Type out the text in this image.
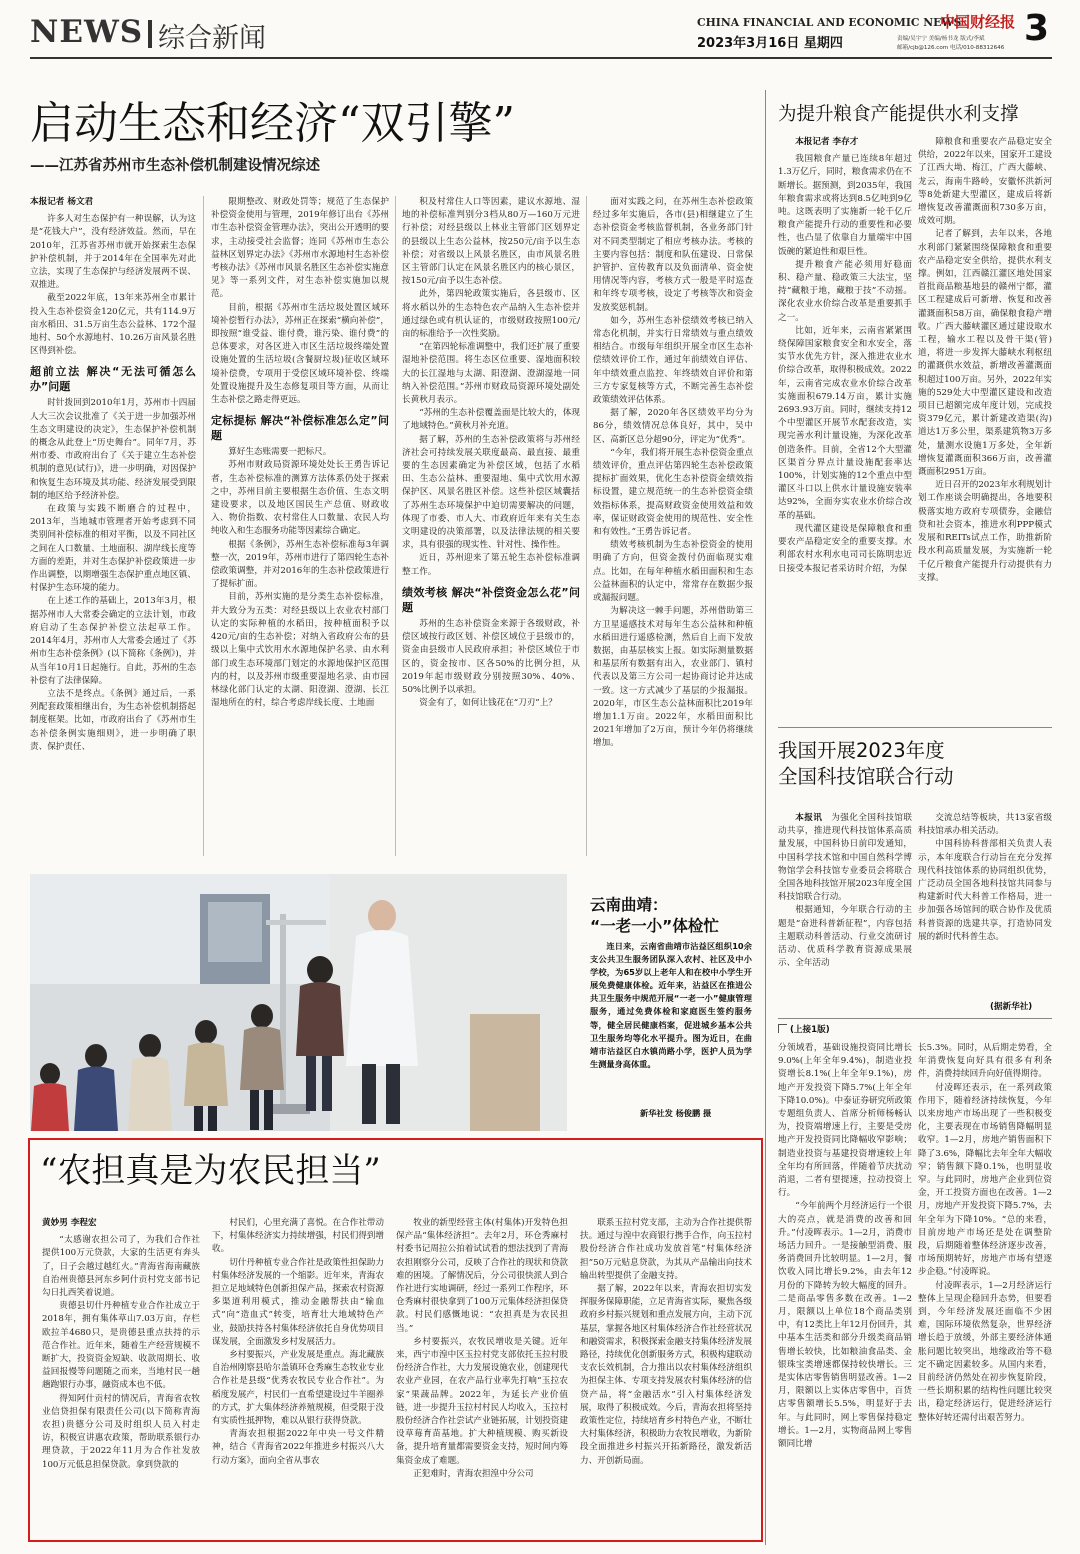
NEWS 综合新闻
CHINA FINANCIAL AND ECONOMIC NEWS
中国财经报
2023年3月16日 星期四	责编/吴宇宁 美编/杨书龙 版式/李斌
邮箱/cjb@126.com 电话/010-88312646 3
启动生态和经济“双引擎”
——江苏省苏州市生态补偿机制建设情况综述
本报记者 杨文君

许多人对生态保护有一种误解，认为这是“花钱大户”，没有经济效益。然而，早在2010年，江苏省苏州市就开始探索生态保护补偿机制，并于2014年在全国率先对此立法，实现了生态保护与经济发展两不误、双推进。

截至2022年底，13年来苏州全市累计投入生态补偿资金120亿元，共有114.9万亩水稻田、31.5万亩生态公益林、172个湿地村、50个水源地村、10.26万亩风景名胜区得到补偿。

超前立法 解决“无法可循怎么办”问题

时针拨回到2010年1月，苏州市十四届人大三次会议批准了《关于进一步加强苏州生态文明建设的决定》，生态保护补偿机制的概念从此登上“历史舞台”。同年7月，苏州市委、市政府出台了《关于建立生态补偿机制的意见(试行)》，进一步明确，对因保护和恢复生态环境及其功能、经济发展受到限制的地区给予经济补偿。

在政策与实践不断磨合的过程中，2013年，当地城市管理者开始考虑到不同类别间补偿标准的相对平衡，以及不同社区之间在人口数量、土地面积、湖岸线长度等方面的差距，并对生态保护补偿政策进一步作出调整，以期增强生态保护重点地区镇、村保护生态环境的能力。

在上述工作的基础上，2013年3月，根据苏州市人大常委会确定的立法计划，市政府启动了生态保护补偿立法起草工作。2014年4月，苏州市人大常委会通过了《苏州市生态补偿条例》(以下简称《条例》)，并从当年10月1日起施行。自此，苏州的生态补偿有了法律保障。

立法不是终点。《条例》通过后，一系列配套政策相继出台，为生态补偿机制搭起制度框架。比如，市政府出台了《苏州市生态补偿条例实施细则》，进一步明确了职责、保护责任、

限期整改、财政处罚等；规范了生态保护补偿资金使用与管理，2019年修订出台《苏州市生态补偿资金管理办法》，突出公开透明的要求，主动接受社会监督；连同《苏州市生态公益林区划界定办法》《苏州市水源地村生态补偿考核办法》《苏州市风景名胜区生态补偿实施意见》等一系列文件，对生态补偿实施加以规范。

目前，根据《苏州市生活垃圾处置区域环境补偿暂行办法》，苏州正在探索“横向补偿”，即按照“谁受益、谁付费，谁污染、谁付费”的总体要求，对各区进入市区生活垃圾终端处置设施处置的生活垃圾(含餐厨垃圾)征收区域环境补偿费，专项用于受偿区域环境补偿、终端处置设施提升及生态修复项目等方面，从而让生态补偿之路走得更远。

定标提标 解决“补偿标准怎么定”问题

算好生态账需要一把标尺。

苏州市财政局资源环境处处长王勇告诉记者，生态补偿标准的测算方法体系仍处于探索之中，苏州目前主要根据生态价值、生态文明建设要求，以及地区国民生产总值、财政收入、物价指数、农村常住人口数量、农民人均纯收入和生态服务功能等因素综合确定。

根据《条例》，苏州生态补偿标准每3年调整一次，2019年，苏州市进行了第四轮生态补偿政策调整，并对2016年的生态补偿政策进行了提标扩面。

目前，苏州实施的是分类生态补偿标准，并大致分为五类：对经县级以上农业农村部门认定的实际种植的水稻田，按种植面积予以420元/亩的生态补偿；对纳入省政府公布的县级以上集中式饮用水水源地保护名录、由水利部门或生态环境部门划定的水源地保护区范围内的村，以及苏州市级重要湿地名录、由市园林绿化部门认定的太湖、阳澄湖、澄湖、长江湿地所在的村，综合考虑岸线长度、土地面

积及村常住人口等因素，建议水源地、湿地的补偿标准判别分3档从80万—160万元进行补偿；对经县级以上林业主管部门区划界定的县级以上生态公益林，按250元/亩予以生态补偿；对省级以上风景名胜区，由市风景名胜区主管部门认定在风景名胜区内的核心景区，按150元/亩予以生态补偿。

此外，第四轮政策实施后，各县级市、区将水稻以外的生态特色农产品纳入生态补偿并通过绿色或有机认证的，市级财政按照100元/亩的标准给予一次性奖励。

“在第四轮标准调整中，我们还扩展了重要湿地补偿范围。将生态区位重要、湿地面积较大的长江湿地与太湖、阳澄湖、澄湖湿地一同纳入补偿范围。”苏州市财政局资源环境处副处长黄秋月表示。

“苏州的生态补偿覆盖面是比较大的，体现了地域特色。”黄秋月补充道。

据了解，苏州的生态补偿政策将与苏州经济社会可持续发展关联度最高、最直接、最重要的生态因素确定为补偿区域，包括了水稻田、生态公益林、重要湿地、集中式饮用水源保护区、风景名胜区补偿。这些补偿区域囊括了苏州生态环境保护中迫切需要解决的问题，体现了市委、市人大、市政府近年来有关生态文明建设的决策部署，以及法律法规的相关要求，具有很强的现实性、针对性、操作性。

近日，苏州迎来了第五轮生态补偿标准调整工作。

绩效考核 解决“补偿资金怎么花”问题

苏州的生态补偿资金来源于各级财政，补偿区域按行政区划、补偿区域位于县级市的，资金由县级市人民政府承担；补偿区域位于市区的，资金按市、区各50%的比例分担，从2019年起市级财政分别按照30%、40%、50%比例予以承担。

资金有了，如何让钱花在“刀刃”上？

面对实践之问，在苏州生态补偿政策经过多年实施后，各市(县)相继建立了生态补偿资金考核监督机制，各业务部门针对不同类型制定了相应考核办法。考核的主要内容包括：制度和队伍建设、日常保护管护、宣传教育以及负面清单、资金使用情况等内容，考核方式一般是平时巡查和年终专项考核，设定了考核等次和资金发放奖惩机制。

如今，苏州生态补偿绩效考核已纳入常态化机制，并实行日常绩效与重点绩效相结合。市级每年组织开展全市区生态补偿绩效评价工作，通过年前绩效自评估、年中绩效重点监控、年终绩效自评价和第三方专家复核等方式，不断完善生态补偿政策绩效评估体系。

据了解，2020年各区绩效平均分为86分，绩效情况总体良好，其中，吴中区、高新区总分超90分，评定为“优秀”。

“今年，我们将开展生态补偿资金重点绩效评价，重点评估第四轮生态补偿政策提标扩面效果，优化生态补偿资金绩效指标设置，建立规范统一的生态补偿资金绩效指标体系，提高财政资金使用效益和效率，保证财政资金使用的规范性、安全性和有效性。”王勇告诉记者。

绩效考核机制为生态补偿资金的使用明确了方向，但资金拨付仍面临现实难点。比如，在每年种植水稻田面积和生态公益林面积的认定中，常常存在数据少报或漏报问题。

为解决这一棘手问题，苏州借助第三方卫星遥感技术对每年生态公益林和种植水稻田进行遥感检测，然后自上而下发放数据，由基层核实上报。如实际测量数据和基层所有数据有出入，农业部门、镇村代表以及第三方公司一起协商讨论并达成一致。这一方式减少了基层的少报漏报。2020年，市区生态公益林面积比2019年增加1.1万亩。2022年，水稻田面积比2021年增加了2万亩，预计今年仍将继续增加。

为提升粮食产能提供水利支撑
本报记者 李存才

我国粮食产量已连续8年超过1.3万亿斤，同时，粮食需求仍在不断增长。据预测，到2035年，我国年粮食需求或将达到8.5亿吨到9亿吨。这既表明了实施新一轮千亿斤粮食产能提升行动的重要性和必要性，也凸显了依靠自力量端牢中国饭碗的紧迫性和艰巨性。

提升粮食产能必须用好稳面积、稳产量、稳政策三大法宝，坚持“藏粮于地，藏粮于技”不动摇。深化农业水价综合改革是重要抓手之一。

比如，近年来，云南省紧紧围绕保障国家粮食安全和水安全，落实节水优先方针，深入推进农业水价综合改革，取得积极成效。2022年，云南省完成农业水价综合改革实施面积679.14万亩，累计实施2693.93万亩。同时，继续支持12个中型灌区开展节水配套改造，实现完善水利计量设施，为深化改革创造条件。目前，全省12个大型灌区渠首分界点计量设施配套率达100%，计划实施的12个重点中型灌区斗口以上供水计量设施安装率达92%，全面夯实农业水价综合改革的基础。

现代灌区建设是保障粮食和重要农产品稳定安全的重要支撑。水利部农村水利水电司司长陈明忠近日接受本报记者采访时介绍，为保

障粮食和重要农产品稳定安全供给，2022年以来，国家开工建设了江西大坳、梅江，广西大藤峡、龙云，海南牛路岭，安徽怀洪新河等8处新建大型灌区，建成后将新增恢复改善灌溉面积730多万亩，成效可期。

记者了解到，去年以来，各地水利部门紧紧围绕保障粮食和重要农产品稳定安全供给，提供水利支撑。例如，江西赣江灌区地处国家首批商品粮基地县的赣州宁都，灌区工程建成后可新增、恢复和改善灌溉面积58万亩，确保粮食稳产增收。广西大藤峡灌区通过建设取水工程，输水工程以及骨干渠(管)道，将进一步发挥大藤峡水利枢纽的灌溉供水效益，新增改善灌溉面积超过100万亩。另外，2022年实施的529处大中型灌区建设和改造项目已超额完成年度计划，完成投资379亿元，累计新建改造渠(沟)道达1万多公里，渠系建筑物3万多处，量测水设施1万多处，全年新增恢复灌溉面积366万亩，改善灌溉面积2951万亩。

近日召开的2023年水利规划计划工作座谈会明确提出，各地要积极落实地方政府专项债券，金融信贷和社会资本，推进水利PPP模式发展和REITs试点工作，助推新阶段水利高质量发展，为实施新一轮千亿斤粮食产能提升行动提供有力支撑。

我国开展2023年度
全国科技馆联合行动

本报讯  为强化全国科技馆联动共享，推进现代科技馆体系高质量发展，中国科协日前印发通知，中国科学技术馆和中国自然科学博物馆学会科技馆专业委员会将联合全国各地科技馆开展2023年度全国科技馆联合行动。

根据通知，今年联合行动的主题是“奋进科普新征程”，内容包括主题联动科普活动、行业交流研讨活动、优质科学教育资源成果展示、全年活动

交流总结等板块，共13家省级科技馆承办相关活动。

中国科协科普部相关负责人表示，本年度联合行动旨在充分发挥现代科技馆体系的协同组织优势，广泛动员全国各地科技馆共同参与构建新时代大科普工作格局，进一步加强各场馆间的联合协作及优质科普资源的选建共享，打造协同发展的新时代科普生态。

(据新华社)
云南曲靖：
“一老一小”体检忙

连日来，云南省曲靖市沾益区组织10余支公共卫生服务团队深入农村、社区及中小学校，为65岁以上老年人和在校中小学生开展免费健康体检。近年来，沾益区在推进公共卫生服务中规范开展“一老一小”健康管理服务，通过免费体检和家庭医生签约服务等，健全居民健康档案，促进城乡基本公共卫生服务均等化水平提升。图为近日，在曲靖市沾益区白水镇尚路小学，医护人员为学生测量身高体重。

新华社发 杨俊鹏 摄
“农担真是为农民担当”
黄妙男 李程宏

“太感谢农担公司了，为我们合作社提供100万元贷款，大家的生活更有奔头了，日子会越过越红火。”青海省海南藏族自治州贵德县河东乡阿什贡村党支部书记勾日扎西笑着说道。

贵德县切什丹种植专业合作社成立于2018年，拥有集体草山7.03万亩，存栏欧拉羊4680只，是贵德县重点扶持的示范合作社。近年来，随着生产经营规模不断扩大，投资资金短缺、收款周期长、收益回报慢等问题随之而来，当地村民一趟趟跑银行办事，融资成本也不低。

得知阿什贡村的情况后，青海省农牧业信贷担保有限责任公司(以下简称青海农担)贵德分公司及时组织人员入村走访，积极宣讲惠农政策，帮助联系银行办理贷款，于2022年11月为合作社发放100万元低息担保贷款。拿到贷款的

村民们，心里充满了喜悦。在合作社带动下，村集体经济实力持续增强，村民们得到增收。

切什丹种植专业合作社是政策性担保助力村集体经济发展的一个缩影。近年来，青海农担立足地域特色创新担保产品，探索农村资源多渠道利用模式，推动金融帮扶由“输血式”向“造血式”转变，培育壮大地域特色产业，鼓励扶持各村集体经济依托自身优势项目谋发展，全面激发乡村发展活力。

乡村要振兴，产业发展是重点。海北藏族自治州刚察县哈尔盖镇环仓秀麻生态牧业专业合作社是县级“优秀农牧民专业合作社”。为稻度发展产，村民们一直希望建设过牛羊圈养的方式，扩大集体经济养殖规模，但受限于没有实质性抵押物，难以从银行获得贷款。

青海农担根据2022年中央一号文件精神，结合《青海省2022年推进乡村振兴八大行动方案》，面向全省从事农

牧业的新型经营主体(村集体)开发特色担保产品“集体经济担”。去年2月，环仓秀麻村村委书记周拉公拍着试试看的想法找到了青海农担刚察分公司，反映了合作社的现状和贷款难的困境。了解情况后，分公司很快派人到合作社进行实地调研，经过一系列工作程序，环仓秀麻村很快拿到了100万元集体经济担保贷款。村民们感慨地说：“农担真是为农民担当。”

乡村要振兴，农牧民增收是关键。近年来，西宁市湟中区玉拉村党支部依托玉拉村股份经济合作社，大力发展设施农业，创建现代农业产业园，在农产品行业率先打响“玉拉农家”果蔬品牌。2022年，为延长产业价值链，进一步提升玉拉村村民人均收入，玉拉村股份经济合作社尝试产业链拓展，计划投资建设草莓育苗基地。扩大种植规模、购买新设备，提升培育量都需要资金支持，短时间内筹集资金成了难题。

正犯难时，青海农担湟中分公司

联系玉拉村党支部，主动为合作社提供帮扶。通过与湟中农商银行携手合作，向玉拉村股份经济合作社成功发放首笔“村集体经济担”50万元贴息贷款，为其从产品输出向技术输出转型提供了金融支持。

据了解，2022年以来，青海农担切实发挥服务保障职能，立足青海省实际，聚焦各级政府乡村振兴规划和重点发展方向，主动下沉基层，掌握各地区村集体经济合作社经营状况和融资需求，积极探索金融支持集体经济发展路径，持续优化创新服务方式，积极构建联动支农长效机制，合力推出以农村集体经济组织为担保主体、专项支持发展农村集体经济的信贷产品，将“金融活水”引入村集体经济发展，取得了积极成效。今后，青海农担将坚持政策性定位，持续培育乡村特色产业，不断壮大村集体经济，积极助力农牧民增收，为新阶段全面推进乡村振兴开拓新路径，激发新活力、开创新局面。

(上接1版)

分领域看，基础设施投资同比增长9.0%(上年全年9.4%)，制造业投资增长8.1%(上年全年9.1%)，房地产开发投资下降5.7%(上年全年下降10.0%)。中泰证券研究所政策专题组负责人、首席分析师杨畅认为，投资端增速上行，主要是受房地产开发投资同比降幅收窄影响；制造业投资与基建投资增速较上年全年均有所回落，伴随着节庆扰动消退，二者有望提速，拉动投资上行。

“今年前两个月经济运行一个很大的亮点，就是消费的改善和回升。”付凌晖表示。1—2月，消费市场活力回升。一是接触型消费、服务消费回升比较明显。1—2月，餐饮收入同比增长9.2%，由去年12月份的下降转为较大幅度的回升。二是商品零售多数在改善。1—2月，限额以上单位18个商品类别中，有12类比上年12月份回升，其中基本生活类和部分升级类商品销售增长较快，比如粮油食品类、金银珠宝类增速都保持较快增长。三是实体店零售销售明显改善。1—2月，限额以上实体店零售中，百货店零售额增长5.5%，明显好于去年。与此同时，网上零售保持稳定增长。1—2月，实物商品网上零售额同比增

长5.3%。同时，从后期走势看，全年消费恢复向好具有很多有利条件，消费持续回升向好值得期待。

付凌晖还表示，在一系列政策作用下，随着经济持续恢复，今年以来房地产市场出现了一些积极变化，主要表现在市场销售降幅明显收窄。1—2月，房地产销售面积下降了3.6%，降幅比去年全年大幅收窄；销售额下降0.1%，也明显收窄。与此同时，房地产企业到位资金，开工投资方面也在改善。1—2月，房地产开发投资下降5.7%，去年全年为下降10%。“总的来看，目前房地产市场还是处在调整阶段，后期随着整体经济逐步改善，市场预期转好，房地产市场有望逐步企稳。”付凌晖说。

付凌晖表示，1—2月经济运行整体上呈现企稳回升态势，但要看到，今年经济发展还面临不少困难，国际环境依然复杂，世界经济增长趋于放缓，外部主要经济体通胀问题比较突出，地缘政治等不稳定不确定因素较多。从国内来看，目前经济仍然处在初步恢复阶段，一些长期积累的结构性问题比较突出，稳定经济运行，促进经济运行整体好转还需付出艰苦努力。
